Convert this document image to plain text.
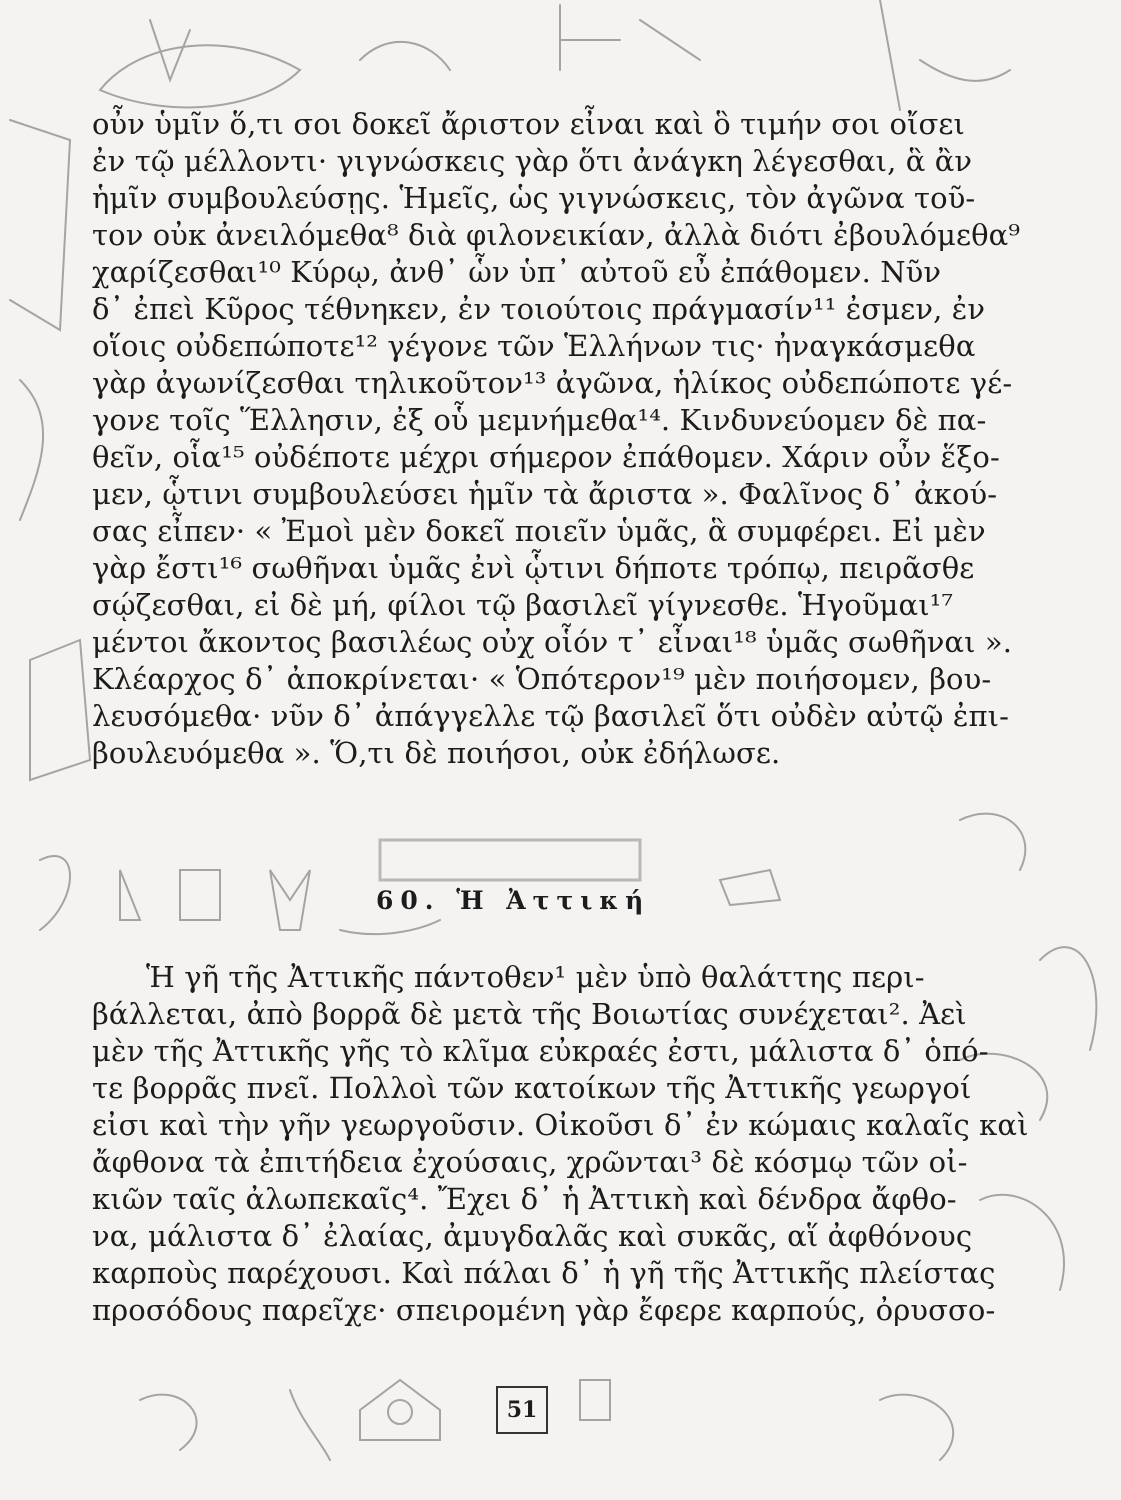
οὖν ὑμῖν ὅ,τι σοι δοκεῖ ἄριστον εἶναι καὶ ὃ τιμήν σοι οἴσει
ἐν τῷ μέλλοντι· γιγνώσκεις γὰρ ὅτι ἀνάγκη λέγεσθαι, ἃ ἂν
ἡμῖν συμβουλεύσῃς. Ἡμεῖς, ὡς γιγνώσκεις, τὸν ἀγῶνα τοῦ-
τον οὐκ ἀνειλόμεθα⁸ διὰ φιλονεικίαν, ἀλλὰ διότι ἐβουλόμεθα⁹
χαρίζεσθαι¹⁰ Κύρῳ, ἀνθ᾽ ὧν ὑπ᾽ αὐτοῦ εὖ ἐπάθομεν. Νῦν
δ᾽ ἐπεὶ Κῦρος τέθνηκεν, ἐν τοιούτοις πράγμασίν¹¹ ἐσμεν, ἐν
οἵοις οὐδεπώποτε¹² γέγονε τῶν Ἑλλήνων τις· ἠναγκάσμεθα
γὰρ ἀγωνίζεσθαι τηλικοῦτον¹³ ἀγῶνα, ἡλίκος οὐδεπώποτε γέ-
γονε τοῖς Ἕλλησιν, ἐξ οὗ μεμνήμεθα¹⁴. Κινδυνεύομεν δὲ πα-
θεῖν, οἷα¹⁵ οὐδέποτε μέχρι σήμερον ἐπάθομεν. Χάριν οὖν ἕξο-
μεν, ᾧτινι συμβουλεύσει ἡμῖν τὰ ἄριστα ». Φαλῖνος δ᾽ ἀκού-
σας εἶπεν· « Ἐμοὶ μὲν δοκεῖ ποιεῖν ὑμᾶς, ἃ συμφέρει. Εἰ μὲν
γὰρ ἔστι¹⁶ σωθῆναι ὑμᾶς ἐνὶ ᾧτινι δήποτε τρόπῳ, πειρᾶσθε
σῴζεσθαι, εἰ δὲ μή, φίλοι τῷ βασιλεῖ γίγνεσθε. Ἡγοῦμαι¹⁷
μέντοι ἄκοντος βασιλέως οὐχ οἷόν τ᾽ εἶναι¹⁸ ὑμᾶς σωθῆναι ».
Κλέαρχος δ᾽ ἀποκρίνεται· « Ὁπότερον¹⁹ μὲν ποιήσομεν, βου-
λευσόμεθα· νῦν δ᾽ ἀπάγγελλε τῷ βασιλεῖ ὅτι οὐδὲν αὐτῷ ἐπι-
βουλευόμεθα ». Ὅ,τι δὲ ποιήσοι, οὐκ ἐδήλωσε.
60. Ἡ Ἀττική
Ἡ γῆ τῆς Ἀττικῆς πάντοθεν¹ μὲν ὑπὸ θαλάττης περι-
βάλλεται, ἀπὸ βορρᾶ δὲ μετὰ τῆς Βοιωτίας συνέχεται². Ἀεὶ
μὲν τῆς Ἀττικῆς γῆς τὸ κλῖμα εὐκραές ἐστι, μάλιστα δ᾽ ὁπό-
τε βορρᾶς πνεῖ. Πολλοὶ τῶν κατοίκων τῆς Ἀττικῆς γεωργοί
εἰσι καὶ τὴν γῆν γεωργοῦσιν. Οἰκοῦσι δ᾽ ἐν κώμαις καλαῖς καὶ
ἄφθονα τὰ ἐπιτήδεια ἐχούσαις, χρῶνται³ δὲ κόσμῳ τῶν οἰ-
κιῶν ταῖς ἀλωπεκαῖς⁴. Ἔχει δ᾽ ἡ Ἀττικὴ καὶ δένδρα ἄφθο-
να, μάλιστα δ᾽ ἐλαίας, ἀμυγδαλᾶς καὶ συκᾶς, αἵ ἀφθόνους
καρποὺς παρέχουσι. Καὶ πάλαι δ᾽ ἡ γῆ τῆς Ἀττικῆς πλείστας
προσόδους παρεῖχε· σπειρομένη γὰρ ἔφερε καρπούς, ὀρυσσο-
51
